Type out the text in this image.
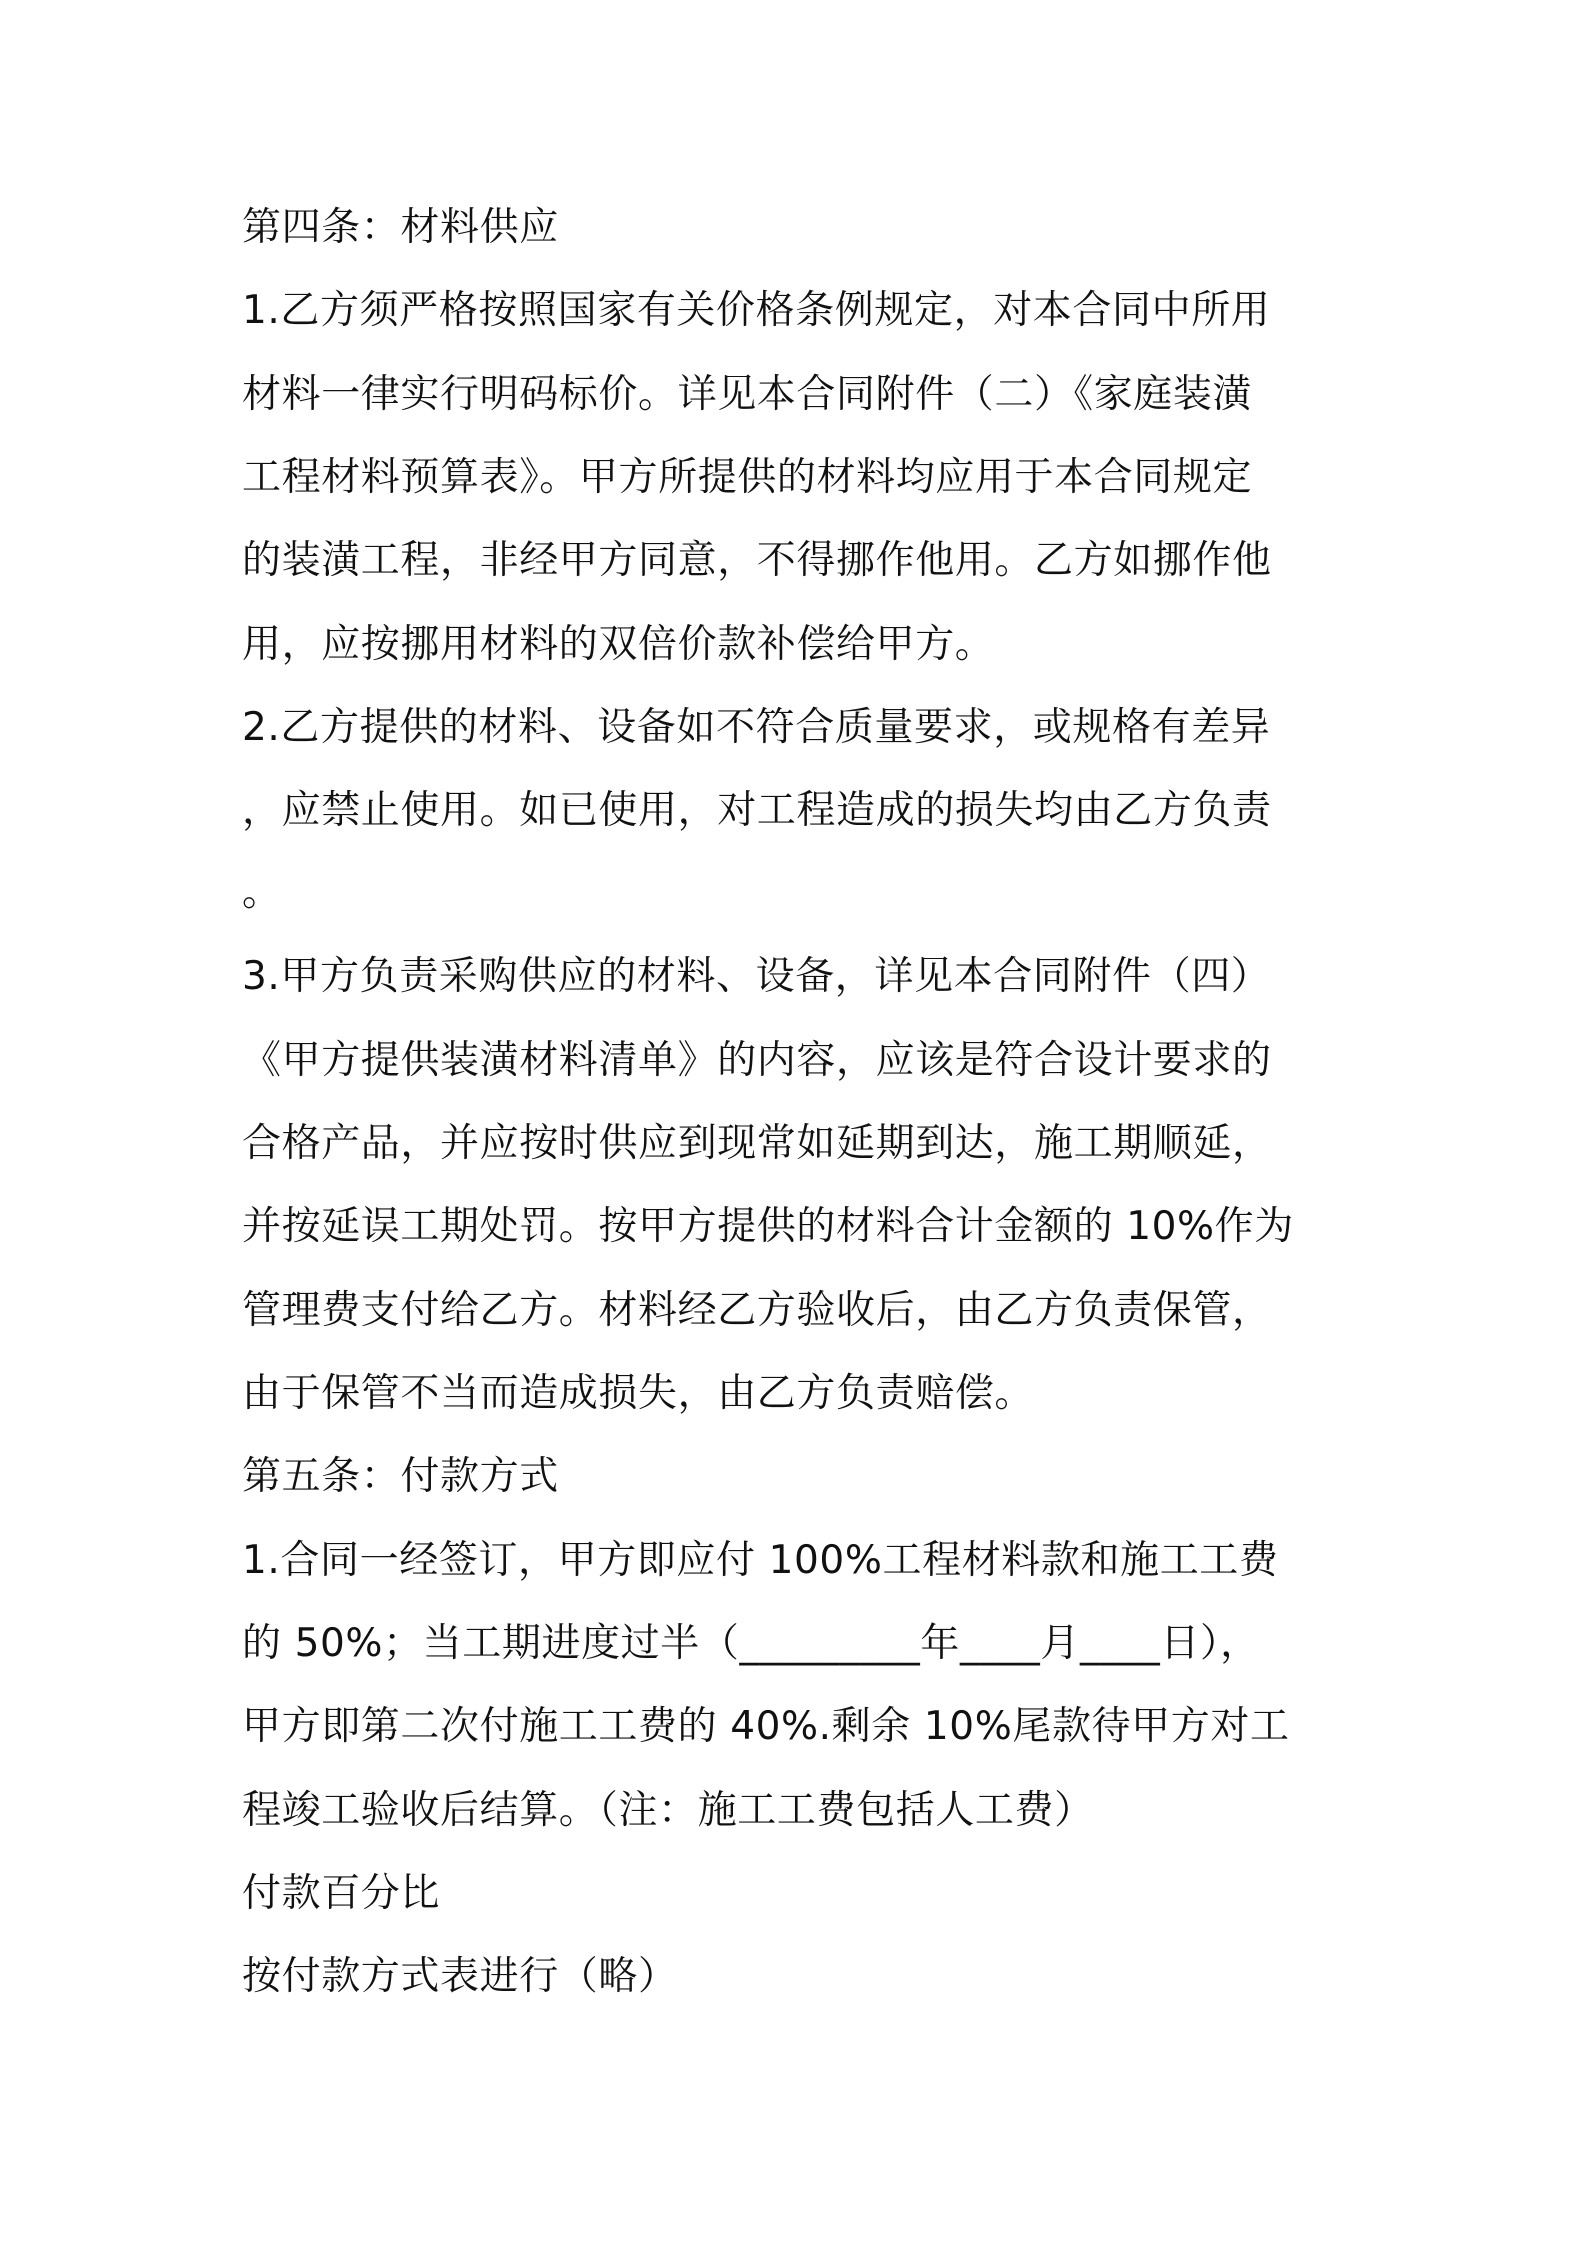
第四条：材料供应
1.乙方须严格按照国家有关价格条例规定，对本合同中所用
材料一律实行明码标价。详见本合同附件（二）《家庭装潢
工程材料预算表》。甲方所提供的材料均应用于本合同规定
的装潢工程，非经甲方同意，不得挪作他用。乙方如挪作他
用，应按挪用材料的双倍价款补偿给甲方。
2.乙方提供的材料、设备如不符合质量要求，或规格有差异
，应禁止使用。如已使用，对工程造成的损失均由乙方负责
。
3.甲方负责采购供应的材料、设备，详见本合同附件（四）
《甲方提供装潢材料清单》的内容，应该是符合设计要求的
合格产品，并应按时供应到现常如延期到达，施工期顺延，
并按延误工期处罚。按甲方提供的材料合计金额的 10%作为
管理费支付给乙方。材料经乙方验收后，由乙方负责保管，
由于保管不当而造成损失，由乙方负责赔偿。
第五条：付款方式
1.合同一经签订，甲方即应付 100%工程材料款和施工工费
的 50%；当工期进度过半（_________年____月____日），
甲方即第二次付施工工费的 40%.剩余 10%尾款待甲方对工
程竣工验收后结算。（注：施工工费包括人工费）
付款百分比
按付款方式表进行（略）
